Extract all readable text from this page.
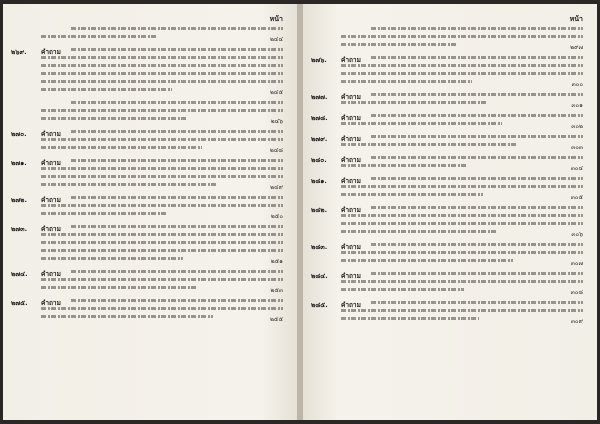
หน้า
๒๔๔
๒๖๙. คำถาม
๒๔๕
๒๔๖
๒๗๐. คำถาม
๒๔๘
๒๗๑. คำถาม
๒๔๙
๒๗๒. คำถาม
๒๕๐
๒๗๓. คำถาม
๒๕๑
๒๗๔. คำถาม
๒๕๓
๒๗๕. คำถาม
๒๕๕
หน้า
๒๙๗
๒๗๖. คำถาม
๓๐๐
๒๗๗. คำถาม
๓๐๑
๒๗๘. คำถาม
๓๐๒
๒๗๙. คำถาม
๓๐๓
๒๘๐. คำถาม
๓๐๔
๒๘๑. คำถาม
๓๐๕
๒๘๒. คำถาม
๓๐๖
๒๘๓. คำถาม
๓๐๗
๒๘๔. คำถาม
๓๐๘
๒๘๕. คำถาม
๓๐๙
